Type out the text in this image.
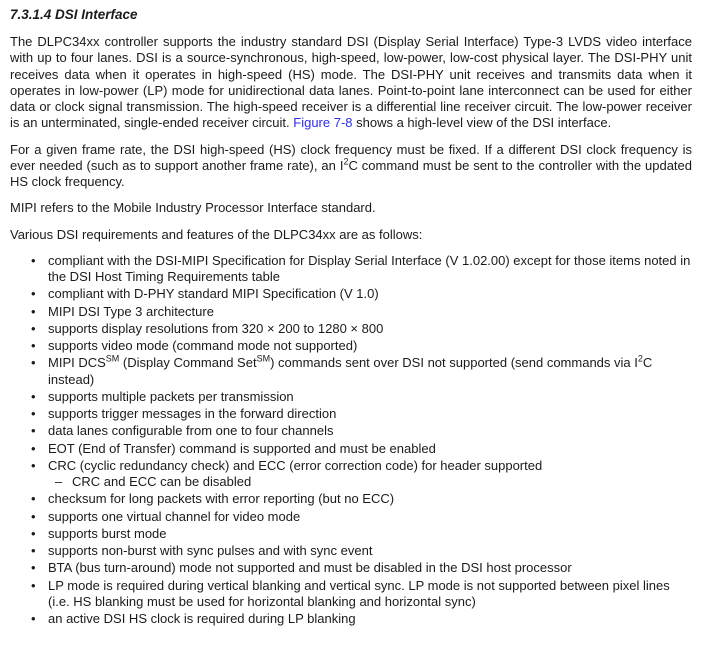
7.3.1.4 DSI Interface

The DLPC34xx controller supports the industry standard DSI (Display Serial Interface) Type-3 LVDS video interface with up to four lanes. DSI is a source-synchronous, high-speed, low-power, low-cost physical layer. The DSI-PHY unit receives data when it operates in high-speed (HS) mode. The DSI-PHY unit receives and transmits data when it operates in low-power (LP) mode for unidirectional data lanes. Point-to-point lane interconnect can be used for either data or clock signal transmission. The high-speed receiver is a differential line receiver circuit. The low-power receiver is an unterminated, single-ended receiver circuit. Figure 7-8 shows a high-level view of the DSI interface.

For a given frame rate, the DSI high-speed (HS) clock frequency must be fixed. If a different DSI clock frequency is ever needed (such as to support another frame rate), an $I^2C$ command must be sent to the controller with the updated HS clock frequency.

MIPI refers to the Mobile Industry Processor Interface standard.

Various DSI requirements and features of the DLPC34xx are as follows:

• compliant with the DSI-MIPI Specification for Display Serial Interface (V 1.02.00) except for those items noted in the DSI Host Timing Requirements table
• compliant with D-PHY standard MIPI Specification (V 1.0)
• MIPI DSI Type 3 architecture
• supports display resolutions from 320 × 200 to 1280 × 800
• supports video mode (command mode not supported)
• MIPI DCS℠ (Display Command Set℠) commands sent over DSI not supported (send commands via $I^2C$ instead)
• supports multiple packets per transmission
• supports trigger messages in the forward direction
• data lanes configurable from one to four channels
• EOT (End of Transfer) command is supported and must be enabled
• CRC (cyclic redundancy check) and ECC (error correction code) for header supported
– CRC and ECC can be disabled
• checksum for long packets with error reporting (but no ECC)
• supports one virtual channel for video mode
• supports burst mode
• supports non-burst with sync pulses and with sync event
• BTA (bus turn-around) mode not supported and must be disabled in the DSI host processor
• LP mode is required during vertical blanking and vertical sync. LP mode is not supported between pixel lines (i.e. HS blanking must be used for horizontal blanking and horizontal sync)
• an active DSI HS clock is required during LP blanking
